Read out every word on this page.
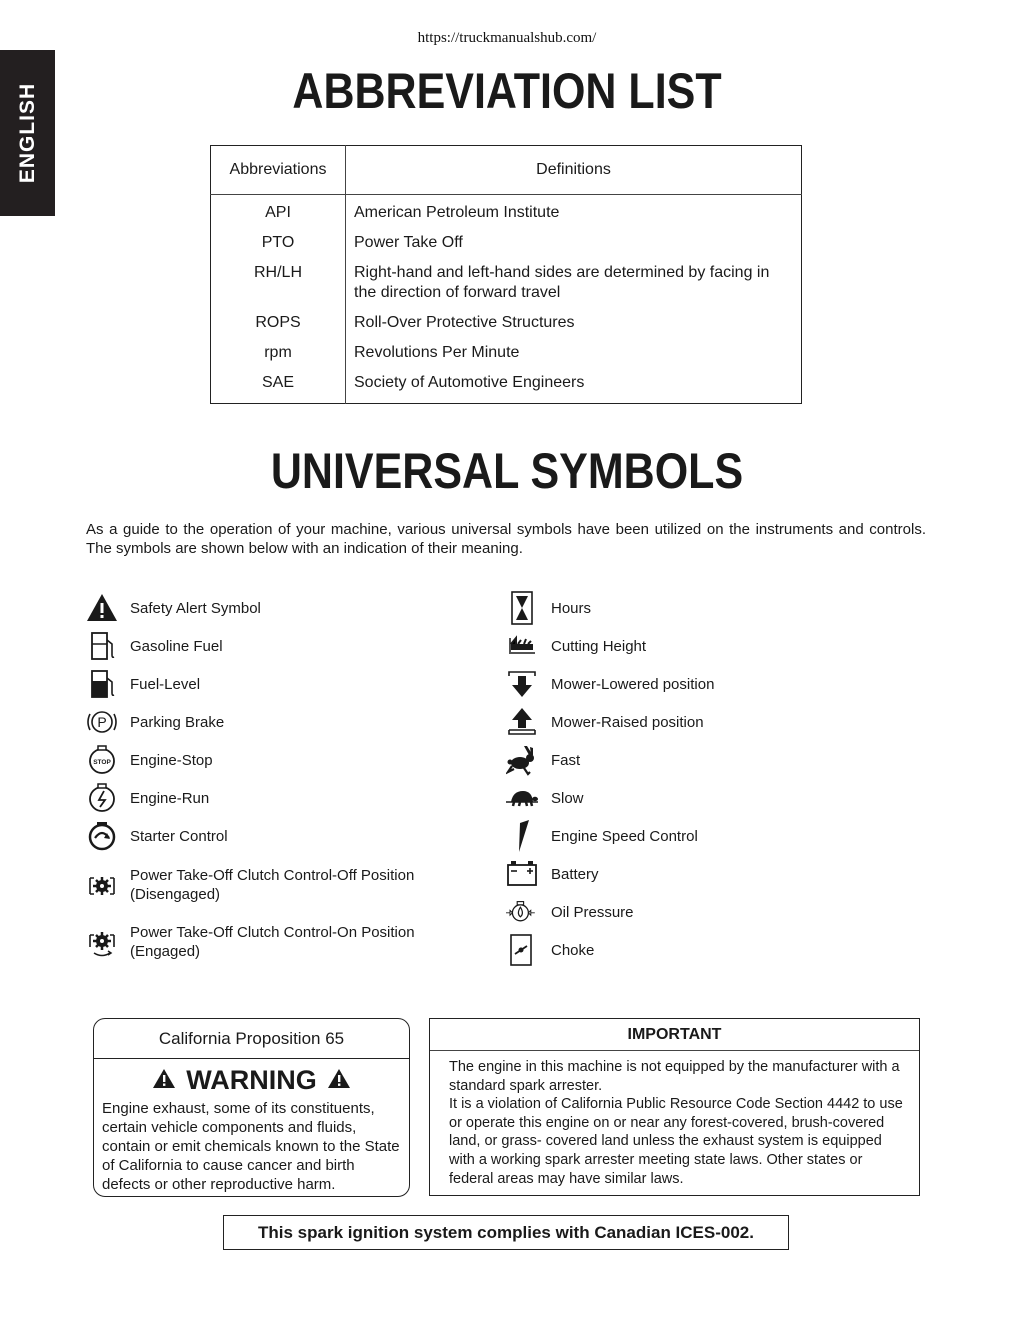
https://truckmanualshub.com/
ENGLISH	ABBREVIATION LIST
Abbreviations	Definitions
API	American Petroleum Institute
PTO	Power Take Off
RH/LH	Right-hand and left-hand sides are determined by facing in the direction of forward travel
ROPS	Roll-Over Protective Structures
rpm	Revolutions Per Minute
SAE	Society of Automotive Engineers
UNIVERSAL SYMBOLS
As a guide to the operation of your machine, various universal symbols have been utilized on the instruments and controls. The symbols are shown below with an indication of their meaning.
Safety Alert Symbol
Gasoline Fuel
Fuel-Level
P Parking Brake
STOP Engine-Stop
Engine-Run
Starter Control
Power Take-Off Clutch Control-Off Position
(Disengaged)
Power Take-Off Clutch Control-On Position
(Engaged)
Hours
Cutting Height
Mower-Lowered position
Mower-Raised position
Fast
Slow
Engine Speed Control
Battery
Oil Pressure
Choke
California Proposition 65
WARNING
Engine exhaust, some of its constituents, certain vehicle components and fluids, contain or emit chemicals known to the State of California to cause cancer and birth defects or other reproductive harm.
IMPORTANT
The engine in this machine is not equipped by the manufacturer with a standard spark arrester.
It is a violation of California Public Resource Code Section 4442 to use or operate this engine on or near any forest-covered, brush-covered land, or grass- covered land unless the exhaust system is equipped with a working spark arrester meeting state laws. Other states or federal areas may have similar laws.
This spark ignition system complies with Canadian ICES-002.
